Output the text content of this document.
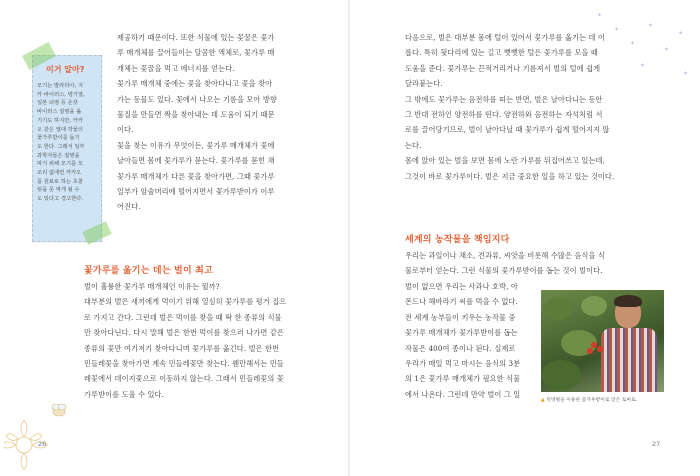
이거 알아?
모기는 말라리아, 지
카 바이러스, 뎅기열,
일본 뇌염 등 온갖
바이러스 질병을 옮
기기도 하지만, 카카
오 같은 열대 작물의
꽃가루받이를 돕기
도 한다. 그래서 일부
과학자들은 질병을
막기 위해 모기를 모
조리 없애면 카카오
를 원료로 하는 초콜
릿을 못 먹게 될 수
도 있다고 경고한다.
제공하기 때문이다. 또한 식물에 있는 꽃꿀은 꽃가
루 매개체를 끌어들이는 달콤한 액체로, 꽃가루 매
개체는 꽃꿀을 먹고 에너지를 얻는다.
꽃가루 매개체 중에는 꽃을 찾아다니고 꽃을 찾아
가는 동물도 있다. 꽃에서 나오는 기름을 모아 방향
물질을 만들면 짝을 찾아내는 데 도움이 되기 때문
이다.
꽃을 찾는 이유가 무엇이든, 꽃가루 매개체가 꽃에
날아들면 몸에 꽃가루가 묻는다. 꽃가루를 묻힌 채
꽃가루 매개체가 다른 꽃을 찾아가면, 그때 꽃가루
일부가 암술머리에 떨어지면서 꽃가루받이가 이루
어진다.
꽃가루를 옮기는 데는 벌이 최고
벌이 훌륭한 꽃가루 매개체인 이유는 뭘까?
대부분의 벌은 새끼에게 먹이기 위해 열심히 꽃가루를 평거 집으
로 가지고 간다. 그런데 벌은 먹이를 찾을 때 딱 한 종류의 식물
만 찾아다닌다. 다시 말해 벌은 한번 먹이를 찾으러 나가면 같은
종류의 꽃만 여기저기 찾아다니며 꽃가루를 옮긴다. 벌은 한번
민들레꽃을 찾아가면 계속 민들레꽃만 찾는다. 웬만해서는 민들
레꽃에서 데이지꽃으로 이동하지 않는다. 그래서 민들레꽃의 꽃
가루받이를 도울 수 있다.
26
✦
✦
✦
✦
✦
✦
✦
✦
다음으로, 벌은 대부분 몸에 털이 있어서 꽃가루를 옮기는 데 이
롭다. 특히 뒷다리에 있는 길고 뻣뻣한 털은 꽃가루를 모을 때
도움을 준다. 꽃가루는 끈적거리거나 기름져서 벌의 털에 쉽게
달라붙는다.
그 밖에도 꽃가루는 음전하를 띠는 반면, 벌은 날아다니는 동안
그 반대 전하인 양전하를 띤다. 양전하와 음전하는 자석처럼 서
로를 끌어당기므로, 벌이 날아다닐 때 꽃가루가 쉽게 떨어지지 않
는다.
몸에 앉아 있는 벌을 보면 몸에 노란 가루를 뒤집어쓰고 있는데,
그것이 바로 꽃가루이다. 벌은 지금 중요한 일을 하고 있는 것이다.
세계의 농작물을 책임지다
우리는 과일이나 채소, 견과류, 씨앗을 비롯해 수많은 음식을 식
물로부터 얻는다. 그런 식물의 꽃가루받이를 돕는 것이 벌이다.
벌이 없으면 우리는 사과나 호박, 아
몬드나 해바라기 씨를 먹을 수 없다.
전 세계 농부들이 키우는 농작물 중
꽃가루 매개체가 꽃가루받이를 돕는
작물은 400여 종이나 된다. 실제로
우리가 매일 먹고 마시는 음식의 3분
의 1은 꽃가루 매개체가 필요한 식물
에서 나온다. 그런데 만약 벌이 그 일
▲ 뒤영벌을 이용한 꽃가루받이로 얻은 토마토.
27
